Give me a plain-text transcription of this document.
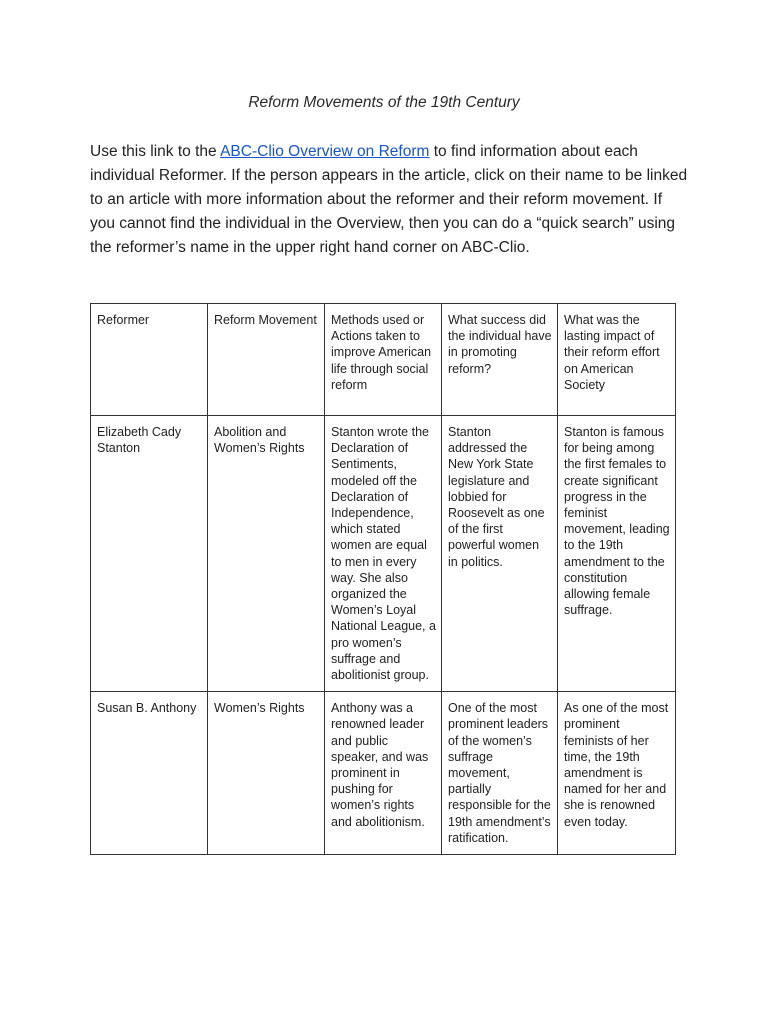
Reform Movements of the 19th Century
Use this link to the ABC-Clio Overview on Reform to find information about each individual Reformer. If the person appears in the article, click on their name to be linked to an article with more information about the reformer and their reform movement. If you cannot find the individual in the Overview, then you can do a “quick search” using the reformer’s name in the upper right hand corner on ABC-Clio.
Reformer	Reform Movement	Methods used or Actions taken to improve American life through social reform	What success did the individual have in promoting reform?	What was the lasting impact of their reform effort on American Society
Elizabeth Cady Stanton	Abolition and Women’s Rights	Stanton wrote the Declaration of Sentiments, modeled off the Declaration of Independence, which stated women are equal to men in every way. She also organized the Women’s Loyal National League, a pro women’s suffrage and abolitionist group.	Stanton addressed the New York State legislature and lobbied for Roosevelt as one of the first powerful women in politics.	Stanton is famous for being among the first females to create significant progress in the feminist movement, leading to the 19th amendment to the constitution allowing female suffrage.
Susan B. Anthony	Women’s Rights	Anthony was a renowned leader and public speaker, and was prominent in pushing for women’s rights and abolitionism.	One of the most prominent leaders of the women’s suffrage movement, partially responsible for the 19th amendment’s ratification.	As one of the most prominent feminists of her time, the 19th amendment is named for her and she is renowned even today.
